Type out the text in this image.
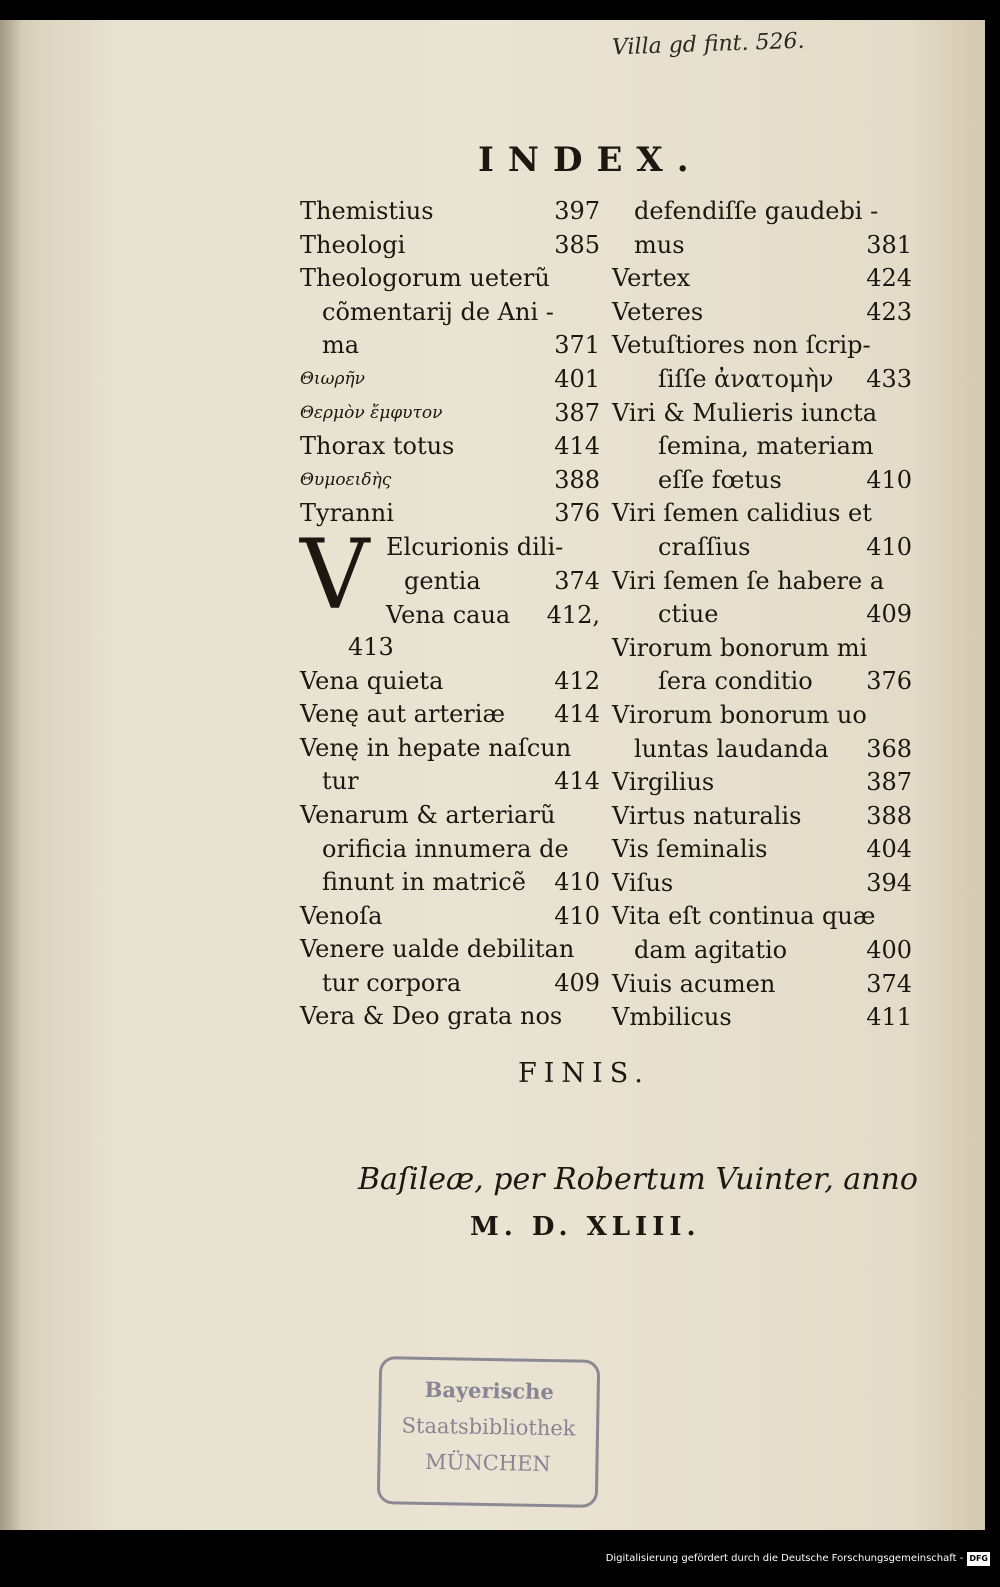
Villa gd fint. 526.
INDEX.
Themistius	397
Theologi	385
Theologorum ueterũ
cõmentarij de Ani -
ma	371
Θιωρῆν	401
Θερμὸν ἔμφυτον	387
Thorax totus	414
Θυμοειδὴς	388
Tyranni	376
V Elcurionis dili-
gentia	374
Vena caua	412,
413
Vena quieta	412
Venę aut arteriæ	414
Venę in hepate naſcun
tur	414
Venarum & arteriarũ
orificia innumera de
finunt in matricẽ	410
Venoſa	410
Venere ualde debilitan
tur corpora	409
Vera & Deo grata nos
defendiſſe gaudebi -
mus	381
Vertex	424
Veteres	423
Vetuſtiores non ſcrip-
ſiſſe ἀνατομὴν	433
Viri & Mulieris iuncta
ſemina, materiam
eſſe fœtus	410
Viri ſemen calidius et
craſſius	410
Viri ſemen ſe habere a
ctiue	409
Virorum bonorum mi
ſera conditio	376
Virorum bonorum uo
luntas laudanda	368
Virgilius	387
Virtus naturalis	388
Vis ſeminalis	404
Viſus	394
Vita eſt continua quæ
dam agitatio	400
Viuis acumen	374
Vmbilicus	411
FINIS.
Baſileæ, per Robertum Vuinter, anno
M. D. XLIII.
Bayerische
Staatsbibliothek
MÜNCHEN
Digitalisierung gefördert durch die Deutsche Forschungsgemeinschaft - DFG
